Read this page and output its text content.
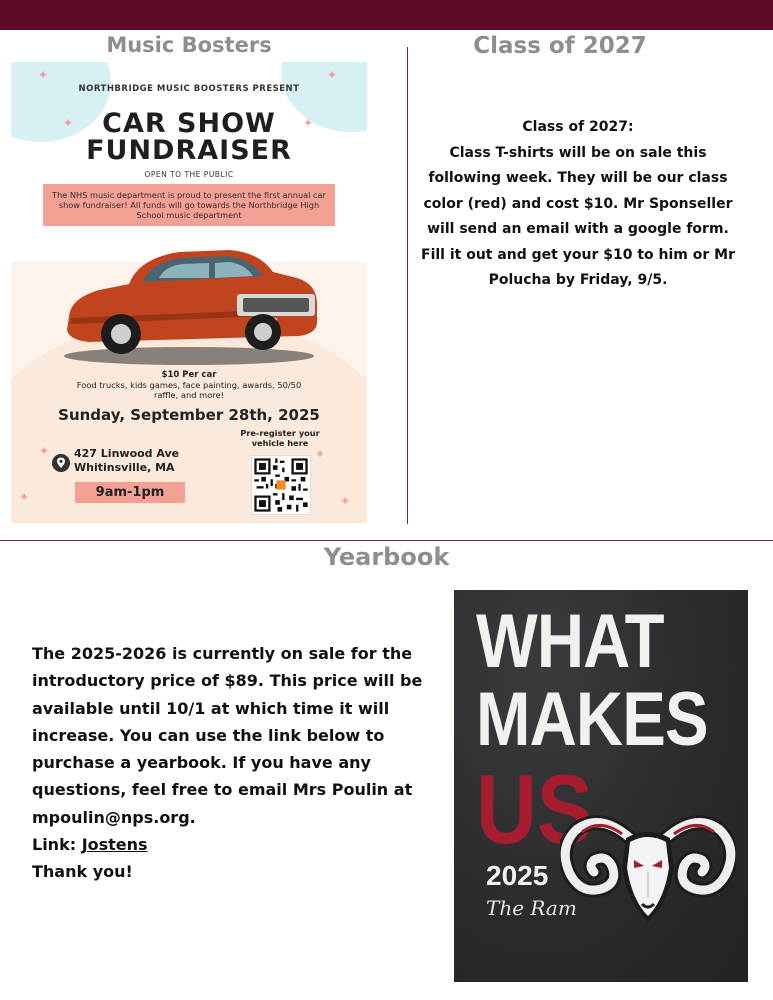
Music Bosters	Class of 2027
✦	✦
✦	✦
✦	✦
✦	✦
NORTHBRIDGE MUSIC BOOSTERS PRESENT
CAR SHOW
FUNDRAISER
OPEN TO THE PUBLIC
The NHS music department is proud to present the first annual car show fundraiser! All funds will go towards the Northbridge High School music department
$10 Per car
Food trucks, kids games, face painting, awards, 50/50 raffle, and more!
Sunday, September 28th, 2025
427 Linwood Ave
Whitinsville, MA
9am-1pm
Pre-register your vehicle here
Class of 2027:
Class T-shirts will be on sale this following week. They will be our class color (red) and cost $10. Mr Sponseller will send an email with a google form. Fill it out and get your $10 to him or Mr Polucha by Friday, 9/5.
Yearbook
The 2025-2026 is currently on sale for the introductory price of $89. This price will be available until 10/1 at which time it will increase. You can use the link below to purchase a yearbook. If you have any questions, feel free to email Mrs Poulin at mpoulin@nps.org.
Link: Jostens
Thank you!
WHAT
MAKES
US
2025
The Ram
